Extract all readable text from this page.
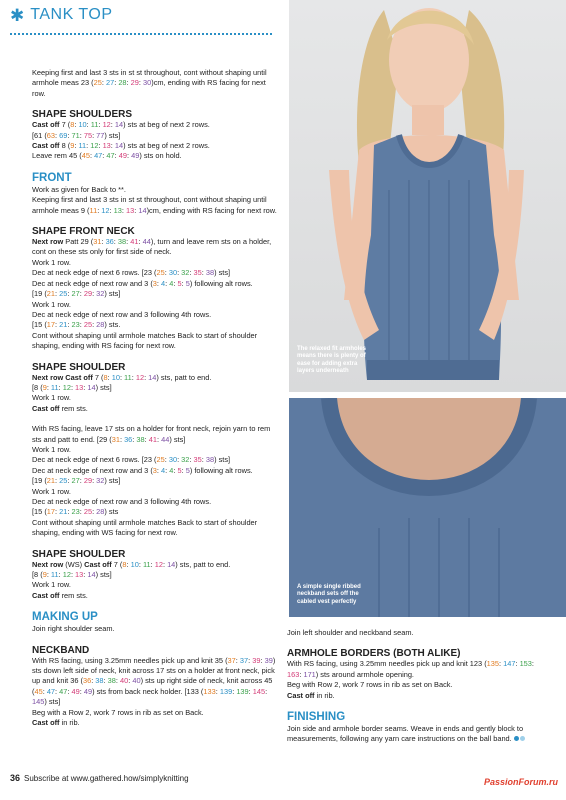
✱ TANK TOP

Keeping first and last 3 sts in st st throughout, cont without shaping until armhole meas 23 (25: 27: 28: 29: 30)cm, ending with RS facing for next row.

SHAPE SHOULDERS

Cast off 7 (8: 10: 11: 12: 14) sts at beg of next 2 rows.

[61 (63: 69: 71: 75: 77) sts]

Cast off 8 (9: 11: 12: 13: 14) sts at beg of next 2 rows.

Leave rem 45 (45: 47: 47: 49: 49) sts on hold.

FRONT

Work as given for Back to **.

Keeping first and last 3 sts in st st throughout, cont without shaping until armhole meas 9 (11: 12: 13: 13: 14)cm, ending with RS facing for next row.

SHAPE FRONT NECK

Next row Patt 29 (31: 36: 38: 41: 44), turn and leave rem sts on a holder, cont on these sts only for first side of neck.

Work 1 row.

Dec at neck edge of next 6 rows. [23 (25: 30: 32: 35: 38) sts]

Dec at neck edge of next row and 3 (3: 4: 4: 5: 5) following alt rows.

[19 (21: 25: 27: 29: 32) sts]

Work 1 row.

Dec at neck edge of next row and 3 following 4th rows.

[15 (17: 21: 23: 25: 28) sts.

Cont without shaping until armhole matches Back to start of shoulder shaping, ending with RS facing for next row.

SHAPE SHOULDER

Next row Cast off 7 (8: 10: 11: 12: 14) sts, patt to end.

[8 (9: 11: 12: 13: 14) sts]

Work 1 row.

Cast off rem sts.

With RS facing, leave 17 sts on a holder for front neck, rejoin yarn to rem sts and patt to end. [29 (31: 36: 38: 41: 44) sts]

Work 1 row.

Dec at neck edge of next 6 rows. [23 (25: 30: 32: 35: 38) sts]

Dec at neck edge of next row and 3 (3: 4: 4: 5: 5) following alt rows.

[19 (21: 25: 27: 29: 32) sts]

Work 1 row.

Dec at neck edge of next row and 3 following 4th rows.

[15 (17: 21: 23: 25: 28) sts

Cont without shaping until armhole matches Back to start of shoulder shaping, ending with WS facing for next row.

SHAPE SHOULDER

Next row (WS) Cast off 7 (8: 10: 11: 12: 14) sts, patt to end.

[8 (9: 11: 12: 13: 14) sts]

Work 1 row.

Cast off rem sts.

MAKING UP

Join right shoulder seam.

NECKBAND

With RS facing, using 3.25mm needles pick up and knit 35 (37: 37: 39: 39) sts down left side of neck, knit across 17 sts on a holder at front neck, pick up and knit 36 (36: 38: 38: 40: 40) sts up right side of neck, knit across 45 (45: 47: 47: 49: 49) sts from back neck holder. [133 (133: 139: 139: 145: 145) sts]

Beg with a Row 2, work 7 rows in rib as set on Back.

Cast off in rib.

The relaxed fit armholes means there is plenty of ease for adding extra layers underneath
A simple single ribbed neckband sets off the cabled vest perfectly

Join left shoulder and neckband seam.

ARMHOLE BORDERS (BOTH ALIKE)

With RS facing, using 3.25mm needles pick up and knit 123 (135: 147: 153: 163: 171) sts around armhole opening.

Beg with Row 2, work 7 rows in rib as set on Back.

Cast off in rib.

FINISHING

Join side and armhole border seams. Weave in ends and gently block to measurements, following any yarn care instructions on the ball band.

36 Subscribe at www.gathered.how/simplyknitting	PassionForum.ru
